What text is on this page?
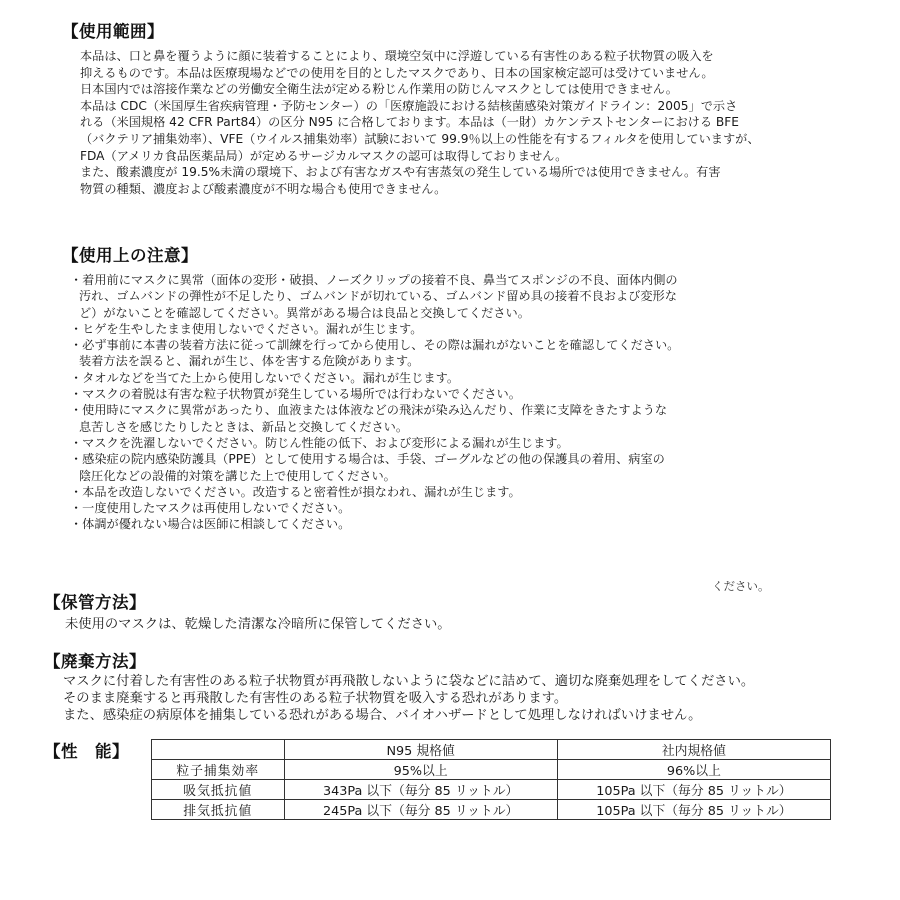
【使用範囲】

本品は、口と鼻を覆うように顔に装着することにより、環境空気中に浮遊している有害性のある粒子状物質の吸入を

抑えるものです。本品は医療現場などでの使用を目的としたマスクであり、日本の国家検定認可は受けていません。

日本国内では溶接作業などの労働安全衛生法が定める粉じん作業用の防じんマスクとしては使用できません。

本品は CDC（米国厚生省疾病管理・予防センター）の「医療施設における結核菌感染対策ガイドライン：2005」で示さ

れる（米国規格 42 CFR Part84）の区分 N95 に合格しております。本品は（一財）カケンテストセンターにおける BFE

（バクテリア捕集効率）、VFE（ウイルス捕集効率）試験において 99.9％以上の性能を有するフィルタを使用していますが、

FDA（アメリカ食品医薬品局）が定めるサージカルマスクの認可は取得しておりません。

また、酸素濃度が 19.5%未満の環境下、および有害なガスや有害蒸気の発生している場所では使用できません。有害

物質の種類、濃度および酸素濃度が不明な場合も使用できません。

【使用上の注意】

・着用前にマスクに異常（面体の変形・破損、ノーズクリップの接着不良、鼻当てスポンジの不良、面体内側の

汚れ、ゴムバンドの弾性が不足したり、ゴムバンドが切れている、ゴムバンド留め具の接着不良および変形な

ど）がないことを確認してください。異常がある場合は良品と交換してください。

・ヒゲを生やしたまま使用しないでください。漏れが生じます。

・必ず事前に本書の装着方法に従って訓練を行ってから使用し、その際は漏れがないことを確認してください。

装着方法を誤ると、漏れが生じ、体を害する危険があります。

・タオルなどを当てた上から使用しないでください。漏れが生じます。

・マスクの着脱は有害な粒子状物質が発生している場所では行わないでください。

・使用時にマスクに異常があったり、血液または体液などの飛沫が染み込んだり、作業に支障をきたすような

息苦しさを感じたりしたときは、新品と交換してください。

・マスクを洗濯しないでください。防じん性能の低下、および変形による漏れが生じます。

・感染症の院内感染防護具（PPE）として使用する場合は、手袋、ゴーグルなどの他の保護具の着用、病室の

陰圧化などの設備的対策を講じた上で使用してください。

・本品を改造しないでください。改造すると密着性が損なわれ、漏れが生じます。

・一度使用したマスクは再使用しないでください。

・体調が優れない場合は医師に相談してください。

ください。
【保管方法】

未使用のマスクは、乾燥した清潔な冷暗所に保管してください。

【廃棄方法】

マスクに付着した有害性のある粒子状物質が再飛散しないように袋などに詰めて、適切な廃棄処理をしてください。

そのまま廃棄すると再飛散した有害性のある粒子状物質を吸入する恐れがあります。

また、感染症の病原体を捕集している恐れがある場合、バイオハザードとして処理しなければいけません。

【性　能】
		N95 規格値	社内規格値
粒子捕集効率	95%以上	96%以上
吸気抵抗値	343Pa 以下（毎分 85 リットル）	105Pa 以下（毎分 85 リットル）
排気抵抗値	245Pa 以下（毎分 85 リットル）	105Pa 以下（毎分 85 リットル）
